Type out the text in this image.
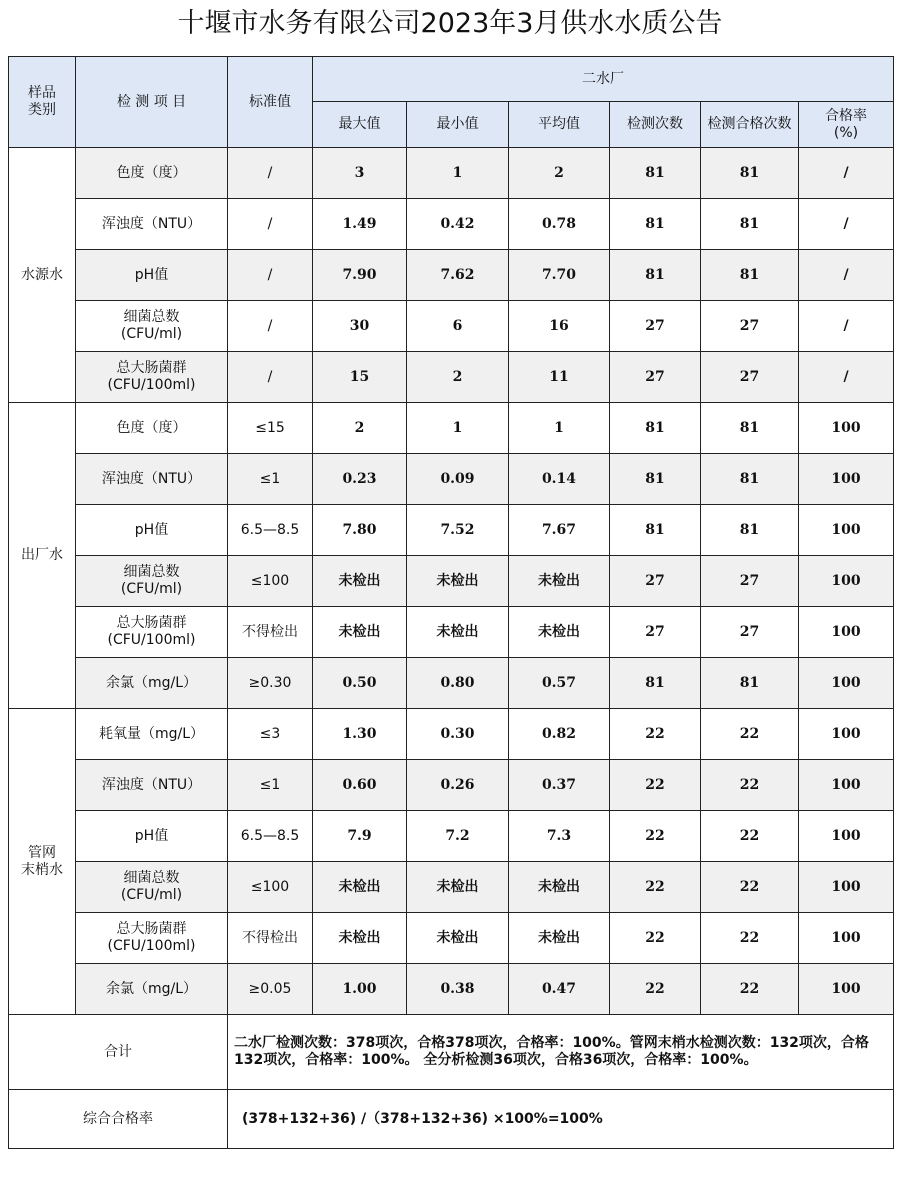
十堰市水务有限公司2023年3月供水水质公告
样品
类别	检 测 项 目	标准值	二水厂					
			最大值	最小值	平均值	检测次数	检测合格次数	合格率
(%)
水源水	色度（度）	/	3	1	2	81	81	/
	浑浊度（NTU）	/	1.49	0.42	0.78	81	81	/
	pH值	/	7.90	7.62	7.70	81	81	/
	细菌总数
(CFU/ml)	/	30	6	16	27	27	/
	总大肠菌群
(CFU/100ml)	/	15	2	11	27	27	/
出厂水	色度（度）	≤15	2	1	1	81	81	100
	浑浊度（NTU）	≤1	0.23	0.09	0.14	81	81	100
	pH值	6.5—8.5	7.80	7.52	7.67	81	81	100
	细菌总数
(CFU/ml)	≤100	未检出	未检出	未检出	27	27	100
	总大肠菌群
(CFU/100ml)	不得检出	未检出	未检出	未检出	27	27	100
	余氯（mg/L）	≥0.30	0.50	0.80	0.57	81	81	100
管网
末梢水	耗氧量（mg/L）	≤3	1.30	0.30	0.82	22	22	100
	浑浊度（NTU）	≤1	0.60	0.26	0.37	22	22	100
	pH值	6.5—8.5	7.9	7.2	7.3	22	22	100
	细菌总数
(CFU/ml)	≤100	未检出	未检出	未检出	22	22	100
	总大肠菌群
(CFU/100ml)	不得检出	未检出	未检出	未检出	22	22	100
	余氯（mg/L）	≥0.05	1.00	0.38	0.47	22	22	100
合计		二水厂检测次数：378项次，合格378项次，合格率：100%。管网末梢水检测次数：132项次，合格132项次，合格率：100%。 全分析检测36项次，合格36项次，合格率：100%。						
综合合格率		(378+132+36) /（378+132+36) ×100%=100%						
